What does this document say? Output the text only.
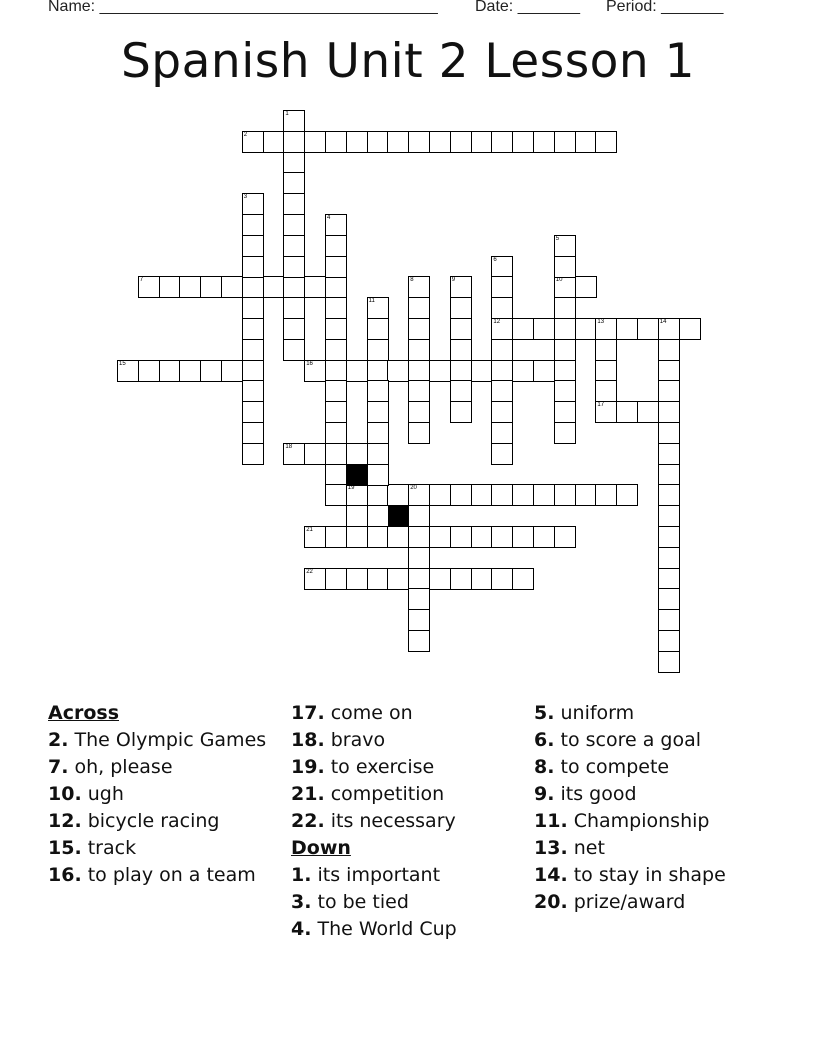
Name: ______________________________________ Date: _______ Period: _______
Spanish Unit 2 Lesson 1
2
7	10
12	13	14
15	16
17
18
19	20
21
22
1
3
4
5
6
8	9
11
Across
2. The Olympic Games
7. oh, please
10. ugh
12. bicycle racing
15. track
16. to play on a team
17. come on
18. bravo
19. to exercise
21. competition
22. its necessary
Down
1. its important
3. to be tied
4. The World Cup
5. uniform
6. to score a goal
8. to compete
9. its good
11. Championship
13. net
14. to stay in shape
20. prize/award
